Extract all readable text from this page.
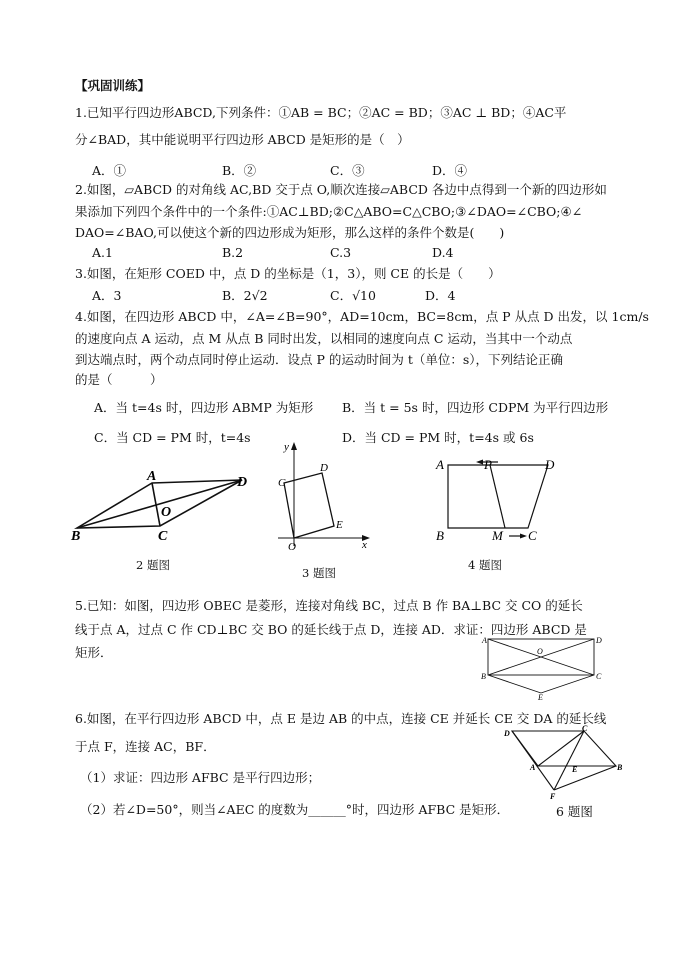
【巩固训练】
1.已知平行四边形ABCD,下列条件：①AB = BC；②AC = BD；③AC ⊥ BD；④AC平
分∠BAD，其中能说明平行四边形 ABCD 是矩形的是（　）
A．①	B．②	C．③	D．④
2.如图，▱ABCD 的对角线 AC,BD 交于点 O,顺次连接▱ABCD 各边中点得到一个新的四边形如
果添加下列四个条件中的一个条件:①AC⊥BD;②C△ABO=C△CBO;③∠DAO=∠CBO;④∠
DAO=∠BAO,可以使这个新的四边形成为矩形，那么这样的条件个数是(　　)
A.1	B.2	C.3	D.4
3.如图，在矩形 COED 中，点 D 的坐标是（1，3），则 CE 的长是（　　）
A．3	B．2√2	C．√10	D．4
4.如图，在四边形 ABCD 中，∠A=∠B=90°，AD=10cm，BC=8cm，点 P 从点 D 出发，以 1cm/s
的速度向点 A 运动，点 M 从点 B 同时出发，以相同的速度向点 C 运动，当其中一个动点
到达端点时，两个动点同时停止运动．设点 P 的运动时间为 t（单位：s），下列结论正确
的是（　　　）
A．当 t=4s 时，四边形 ABMP 为矩形 B．当 t = 5s 时，四边形 CDPM 为平行四边形
C．当 CD = PM 时，t=4s	D．当 CD = PM 时，t=4s 或 6s
A	D
O
B	C
2 题图
y
C
D
E
O	x
3 题图
A	P	D
B	M C
4 题图
5.已知：如图，四边形 OBEC 是菱形，连接对角线 BC，过点 B 作 BA⊥BC 交 CO 的延长
线于点 A，过点 C 作 CD⊥BC 交 BO 的延长线于点 D，连接 AD．求证：四边形 ABCD 是
矩形．
A
O
D
B	C
E
6.如图，在平行四边形 ABCD 中，点 E 是边 AB 的中点，连接 CE 并延长 CE 交 DA 的延长线
于点 F，连接 AC，BF．
（1）求证：四边形 AFBC 是平行四边形；
（2）若∠D=50°，则当∠AEC 的度数为______°时，四边形 AFBC 是矩形．	6 题图
D
C
A	E	B
F
